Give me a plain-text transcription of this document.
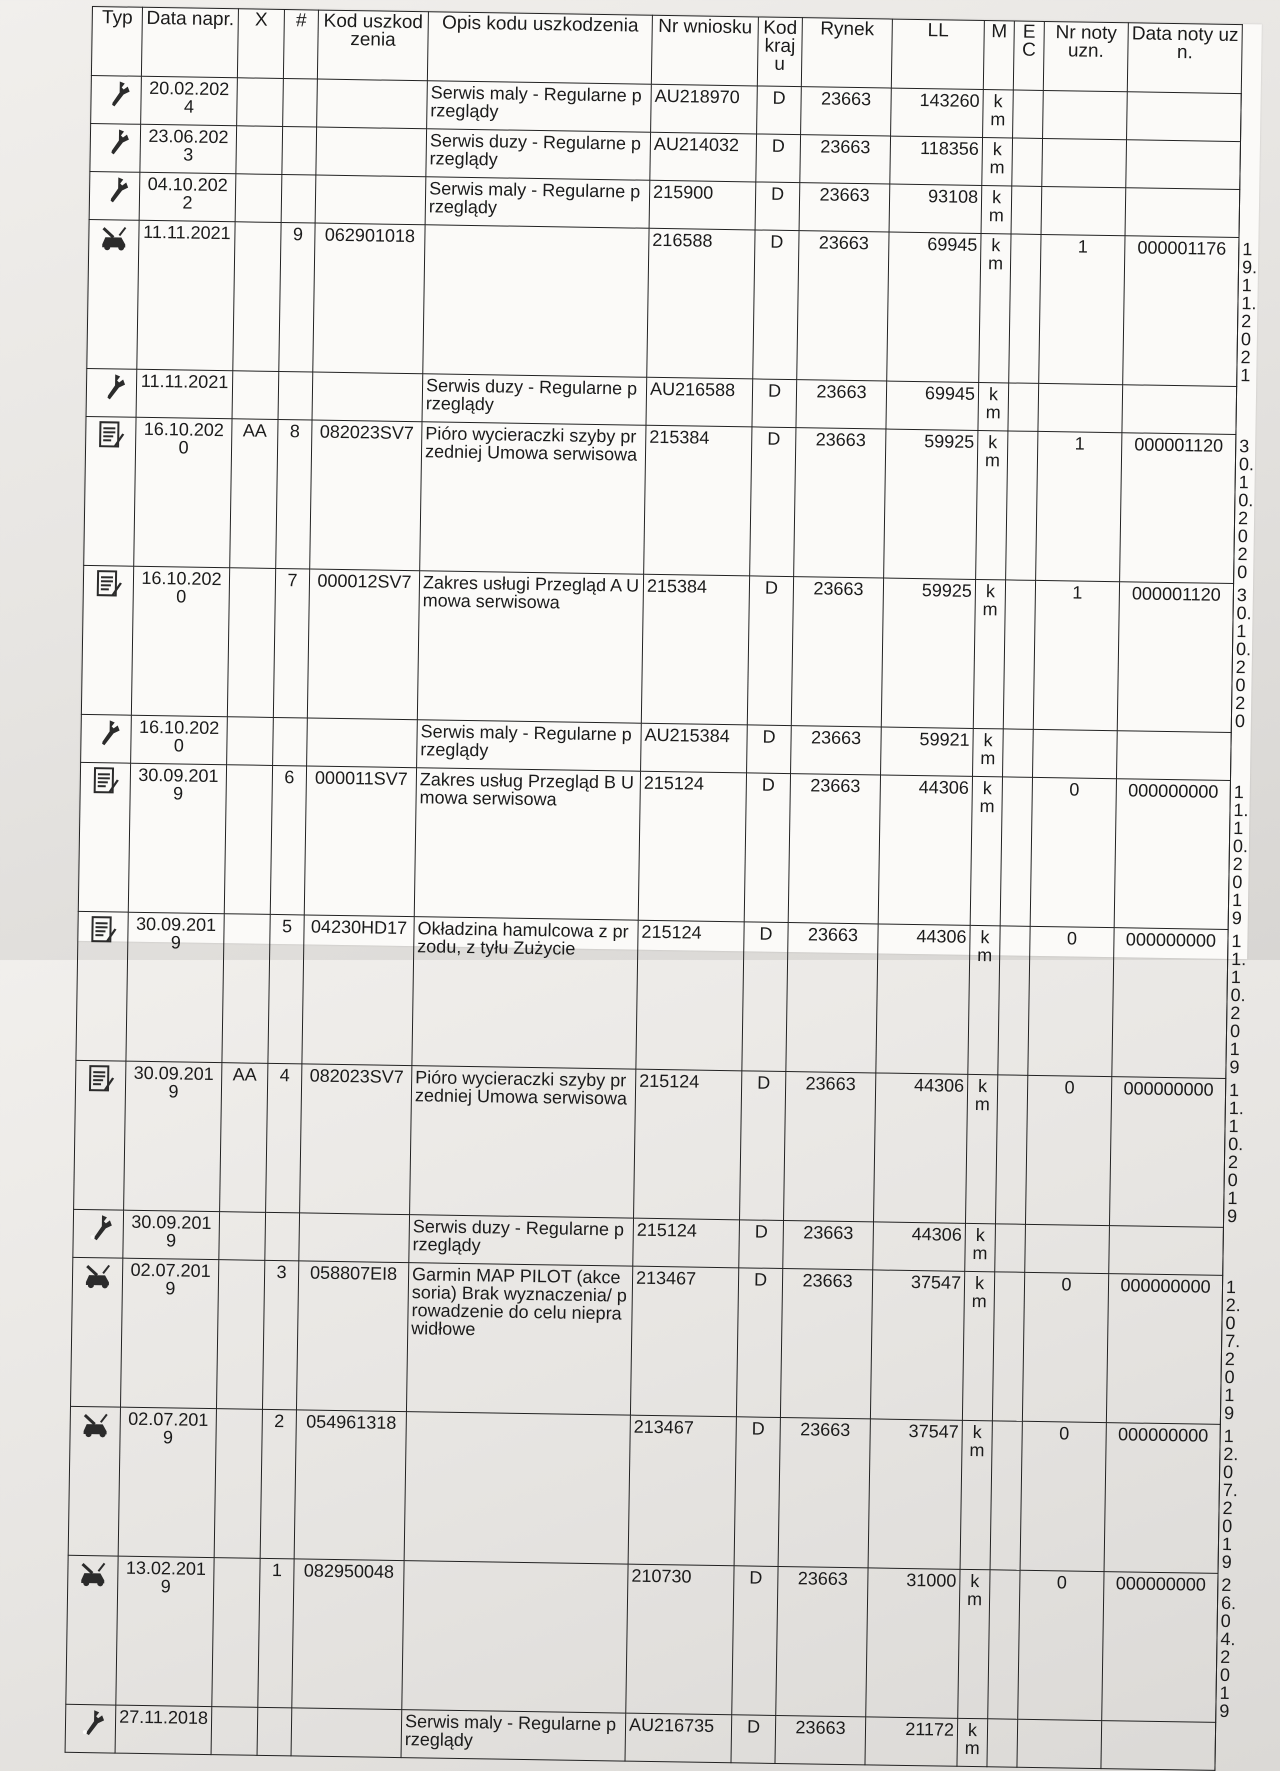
Typ	Data napr.	X	#	Kod uszkodzenia	Opis kodu uszkodzenia	Nr wniosku	Kod kraju	Rynek	LL	M	EC	Nr noty uzn.	Data noty uzn.	
	20.02.2024				Serwis maly - Regularne przeglądy	AU218970	D	23663	143260	km				
	23.06.2023				Serwis duzy - Regularne przeglądy	AU214032	D	23663	118356	km				
	04.10.2022				Serwis maly - Regularne przeglądy	215900	D	23663	93108	km				
	11.11.2021		9	062901018		216588	D	23663	69945	km		1	000001176	19.11.2021
	11.11.2021				Serwis duzy - Regularne przeglądy	AU216588	D	23663	69945	km				
	16.10.2020	AA	8	082023SV7	Pióro wycieraczki szyby przedniej Umowa serwisowa	215384	D	23663	59925	km		1	000001120	30.10.2020
	16.10.2020		7	000012SV7	Zakres usługi Przegląd A Umowa serwisowa	215384	D	23663	59925	km		1	000001120	30.10.2020
	16.10.2020				Serwis maly - Regularne przeglądy	AU215384	D	23663	59921	km				
	30.09.2019		6	000011SV7	Zakres usług Przegląd B Umowa serwisowa	215124	D	23663	44306	km		0	000000000	11.10.2019
	30.09.2019		5	04230HD17	Okładzina hamulcowa z przodu, z tyłu Zużycie	215124	D	23663	44306	km		0	000000000	11.10.2019
	30.09.2019	AA	4	082023SV7	Pióro wycieraczki szyby przedniej Umowa serwisowa	215124	D	23663	44306	km		0	000000000	11.10.2019
	30.09.2019				Serwis duzy - Regularne przeglądy	215124	D	23663	44306	km				
	02.07.2019		3	058807EI8	Garmin MAP PILOT (akcesoria) Brak wyznaczenia/ prowadzenie do celu nieprawidłowe	213467	D	23663	37547	km		0	000000000	12.07.2019
	02.07.2019		2	054961318		213467	D	23663	37547	km		0	000000000	12.07.2019
	13.02.2019		1	082950048		210730	D	23663	31000	km		0	000000000	26.04.2019
	27.11.2018				Serwis maly - Regularne przeglądy	AU216735	D	23663	21172	km				
